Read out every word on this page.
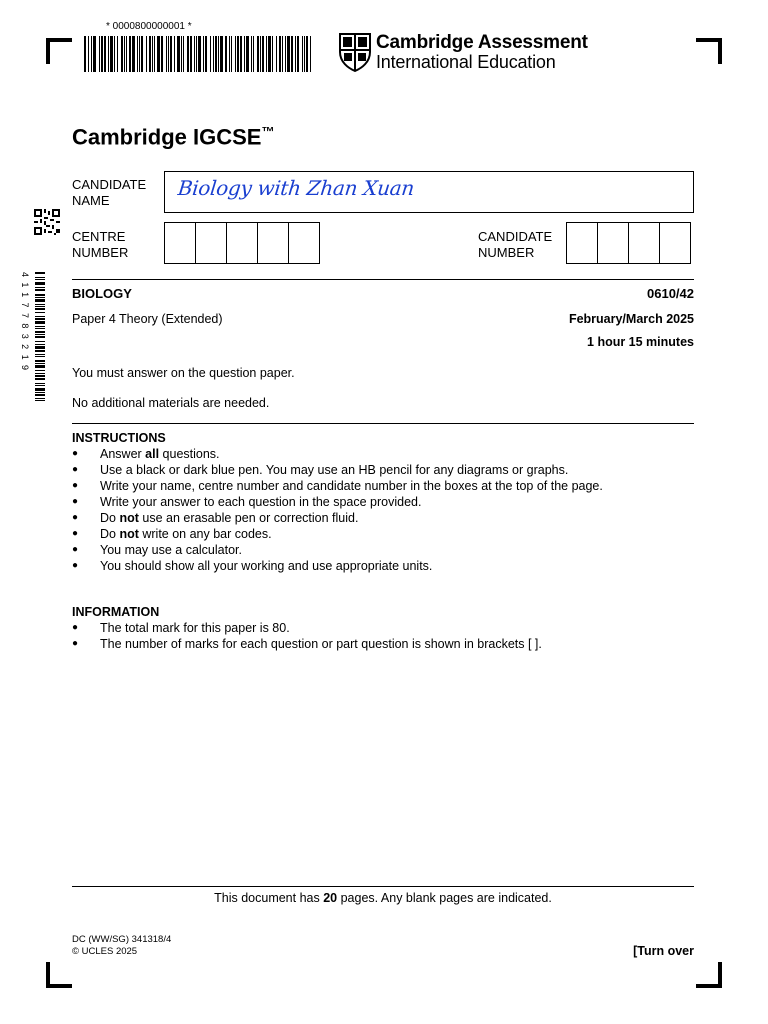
* 0000800000001 *
Cambridge Assessment
International Education
Cambridge IGCSE™
CANDIDATE
NAME
Biology with Zhan Xuan
CENTRE
NUMBER
CANDIDATE
NUMBER
4117783219	BIOLOGY	0610/42
Paper 4 Theory (Extended)	February/March 2025
1 hour 15 minutes
You must answer on the question paper.
No additional materials are needed.
INSTRUCTIONS
● Answer all questions.
● Use a black or dark blue pen. You may use an HB pencil for any diagrams or graphs.
● Write your name, centre number and candidate number in the boxes at the top of the page.
● Write your answer to each question in the space provided.
● Do not use an erasable pen or correction fluid.
● Do not write on any bar codes.
● You may use a calculator.
● You should show all your working and use appropriate units.
INFORMATION
● The total mark for this paper is 80.
● The number of marks for each question or part question is shown in brackets [ ].
This document has 20 pages. Any blank pages are indicated.
DC (WW/SG) 341318/4
© UCLES 2025	[Turn over
